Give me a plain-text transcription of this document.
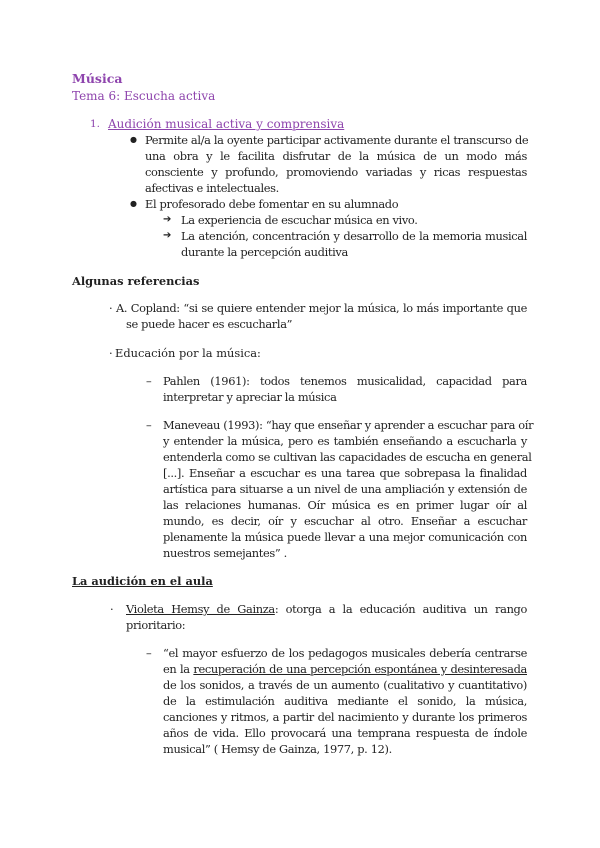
Música
Tema 6: Escucha activa
1. Audición musical activa y comprensiva
● Permite al/a la oyente participar activamente durante el transcurso de
una obra y le facilita disfrutar de la música de un modo más
consciente y profundo, promoviendo variadas y ricas respuestas
afectivas e intelectuales.
● El profesorado debe fomentar en su alumnado
➔ La experiencia de escuchar música en vivo.
➔ La atención, concentración y desarrollo de la memoria musical
durante la percepción auditiva
Algunas referencias
· A. Copland: “si se quiere entender mejor la música, lo más importante que
se puede hacer es escucharla”
· Educación por la música:
– Pahlen (1961): todos tenemos musicalidad, capacidad para
interpretar y apreciar la música
– Maneveau (1993): “hay que enseñar y aprender a escuchar para oír
y entender la música, pero es también enseñando a escucharla y
entenderla como se cultivan las capacidades de escucha en general
[...]. Enseñar a escuchar es una tarea que sobrepasa la finalidad
artística para situarse a un nivel de una ampliación y extensión de
las relaciones humanas. Oír música es en primer lugar oír al
mundo, es decir, oír y escuchar al otro. Enseñar a escuchar
plenamente la música puede llevar a una mejor comunicación con
nuestros semejantes” .
La audición en el aula
· Violeta Hemsy de Gainza: otorga a la educación auditiva un rango
prioritario:
– “el mayor esfuerzo de los pedagogos musicales debería centrarse
en la recuperación de una percepción espontánea y desinteresada
de los sonidos, a través de un aumento (cualitativo y cuantitativo)
de la estimulación auditiva mediante el sonido, la música,
canciones y ritmos, a partir del nacimiento y durante los primeros
años de vida. Ello provocará una temprana respuesta de índole
musical” ( Hemsy de Gainza, 1977, p. 12).
